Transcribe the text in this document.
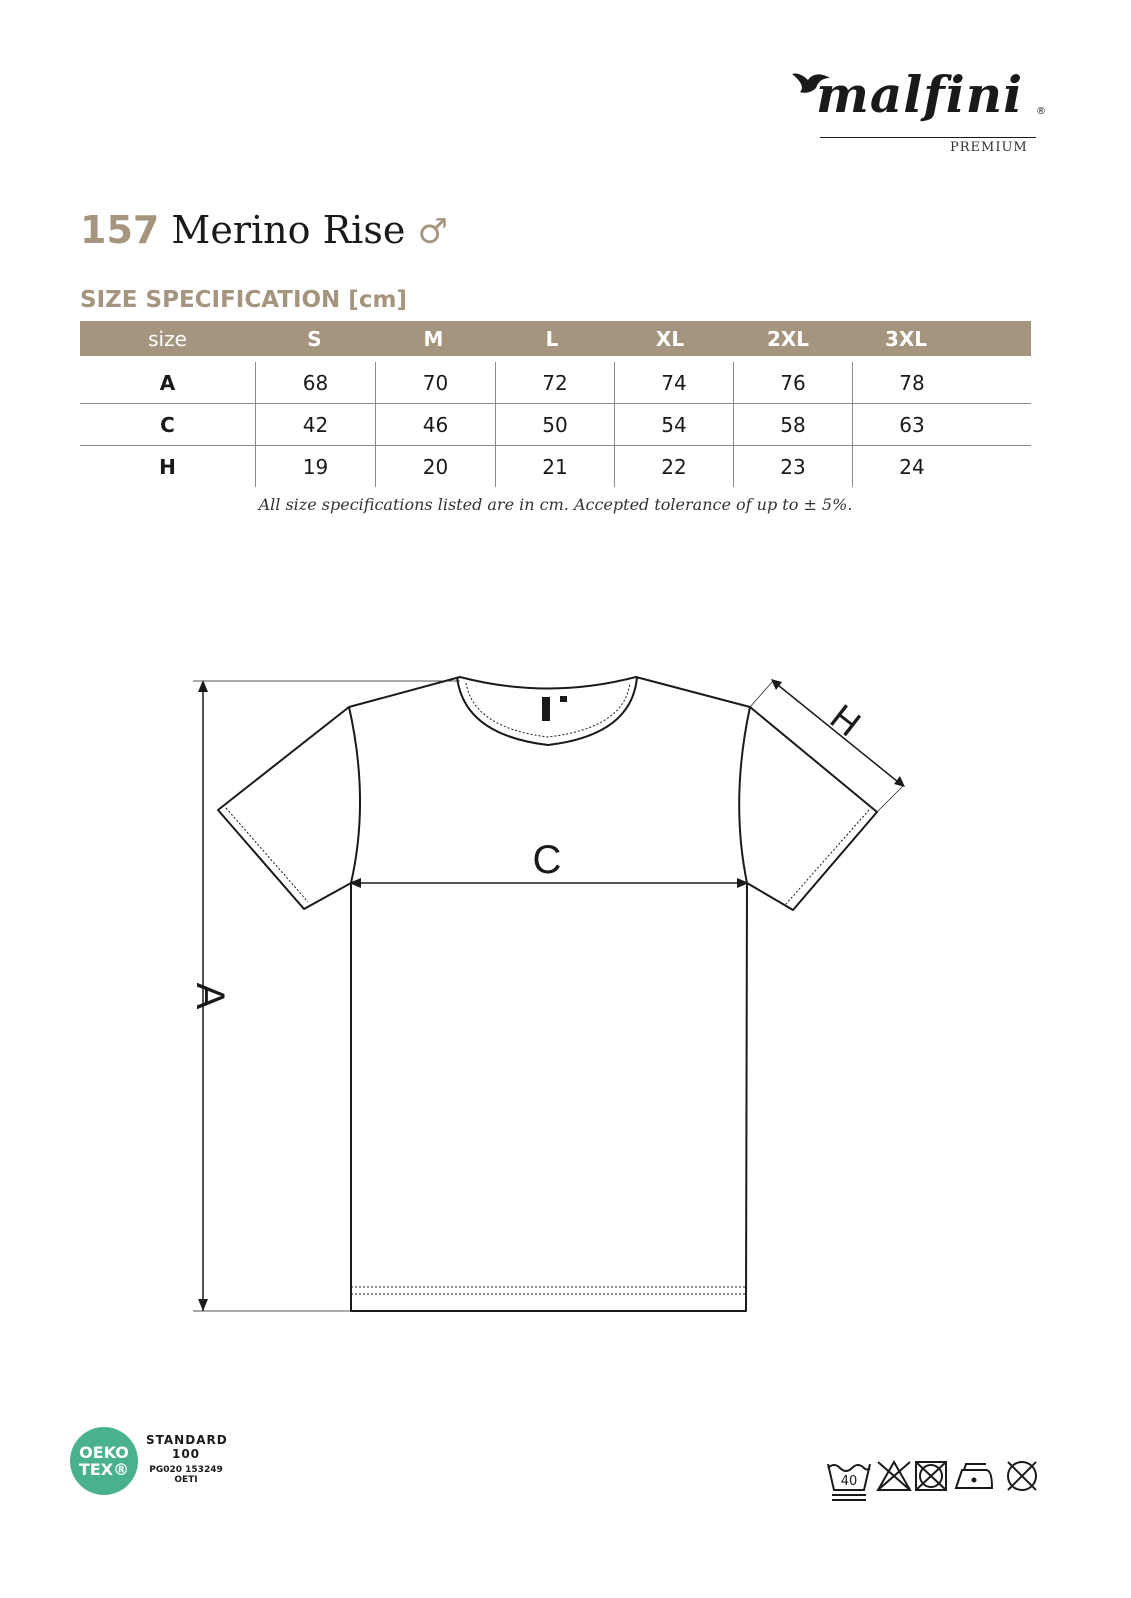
malfini ®
PREMIUM
157 Merino Rise ♂
SIZE SPECIFICATION [cm]
size	S	M	L	XL	2XL	3XL
A	68	70	72	74	76	78
C	42	46	50	54	58	63
H	19	20	21	22	23	24
All size specifications listed are in cm. Accepted tolerance of up to ± 5%.
C
A
H
OEKO
TEX®
STANDARD
100
PG020 153249
OETI	40
